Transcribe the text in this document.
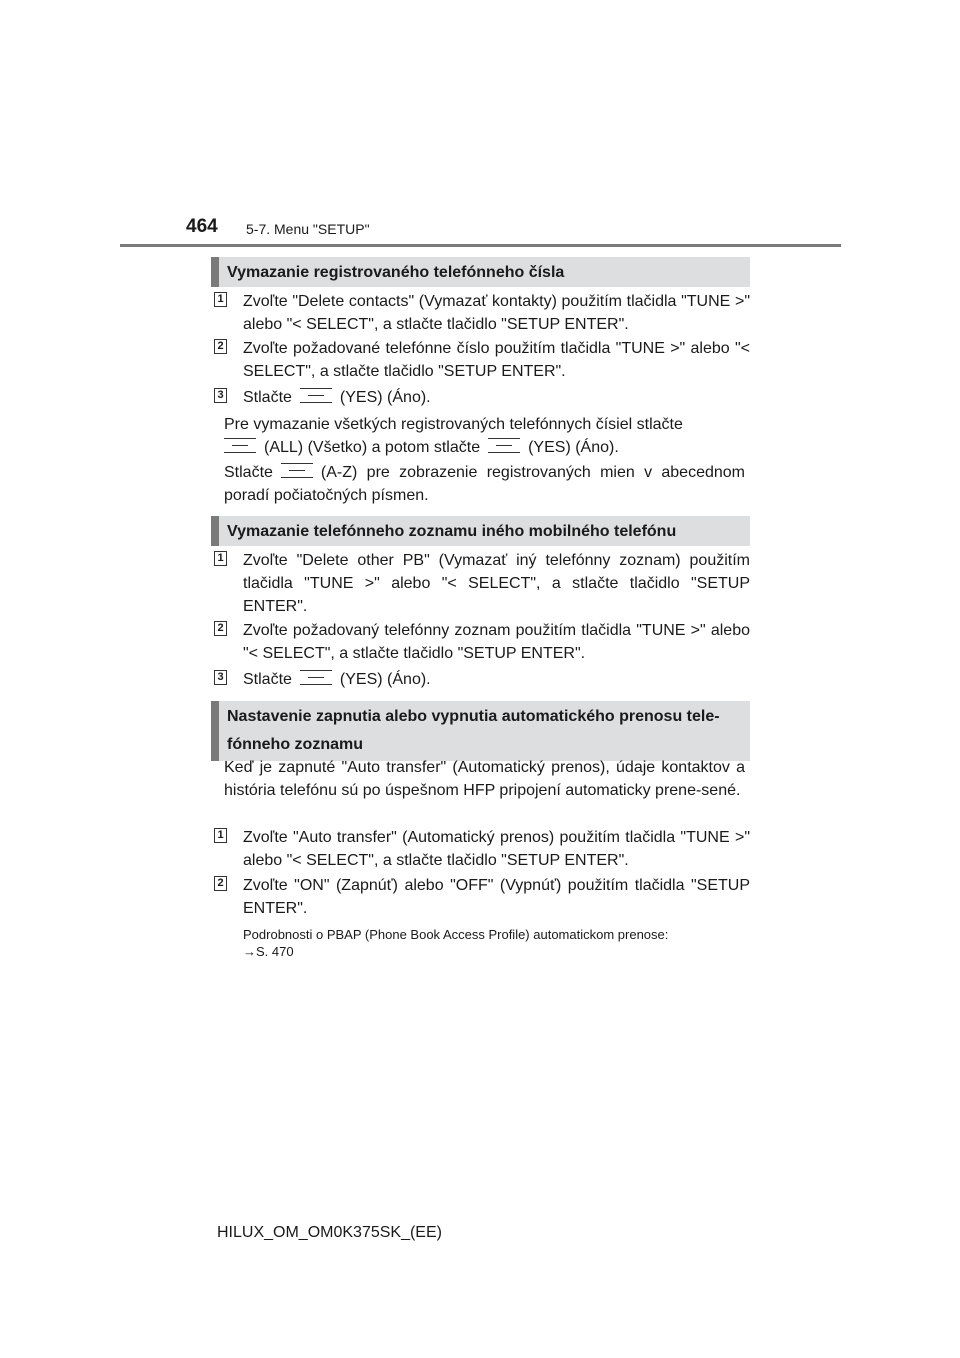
464 5-7. Menu "SETUP"
Vymazanie registrovaného telefónneho čísla
1 Zvoľte "Delete contacts" (Vymazať kontakty) použitím tlačidla "TUNE >" alebo "< SELECT", a stlačte tlačidlo "SETUP ENTER".
2 Zvoľte požadované telefónne číslo použitím tlačidla "TUNE >" alebo "< SELECT", a stlačte tlačidlo "SETUP ENTER".
3 Stlačte	(YES) (Áno).
Pre vymazanie všetkých registrovaných telefónnych čísiel stlačte
(ALL) (Všetko) a potom stlačte	(YES) (Áno).
Stlačte	(A-Z) pre zobrazenie registrovaných mien v abecednom poradí počiatočných písmen.
Vymazanie telefónneho zoznamu iného mobilného telefónu
1 Zvoľte "Delete other PB" (Vymazať iný telefónny zoznam) použitím tlačidla "TUNE >" alebo "< SELECT", a stlačte tlačidlo "SETUP ENTER".
2 Zvoľte požadovaný telefónny zoznam použitím tlačidla "TUNE >" alebo "< SELECT", a stlačte tlačidlo "SETUP ENTER".
3 Stlačte	(YES) (Áno).
Nastavenie zapnutia alebo vypnutia automatického prenosu tele-fónneho zoznamu
Keď je zapnuté "Auto transfer" (Automatický prenos), údaje kontaktov a história telefónu sú po úspešnom HFP pripojení automaticky prene-sené.
1 Zvoľte "Auto transfer" (Automatický prenos) použitím tlačidla "TUNE >" alebo "< SELECT", a stlačte tlačidlo "SETUP ENTER".
2 Zvoľte "ON" (Zapnúť) alebo "OFF" (Vypnúť) použitím tlačidla "SETUP ENTER".
Podrobnosti o PBAP (Phone Book Access Profile) automatickom prenose:
→S. 470
HILUX_OM_OM0K375SK_(EE)
